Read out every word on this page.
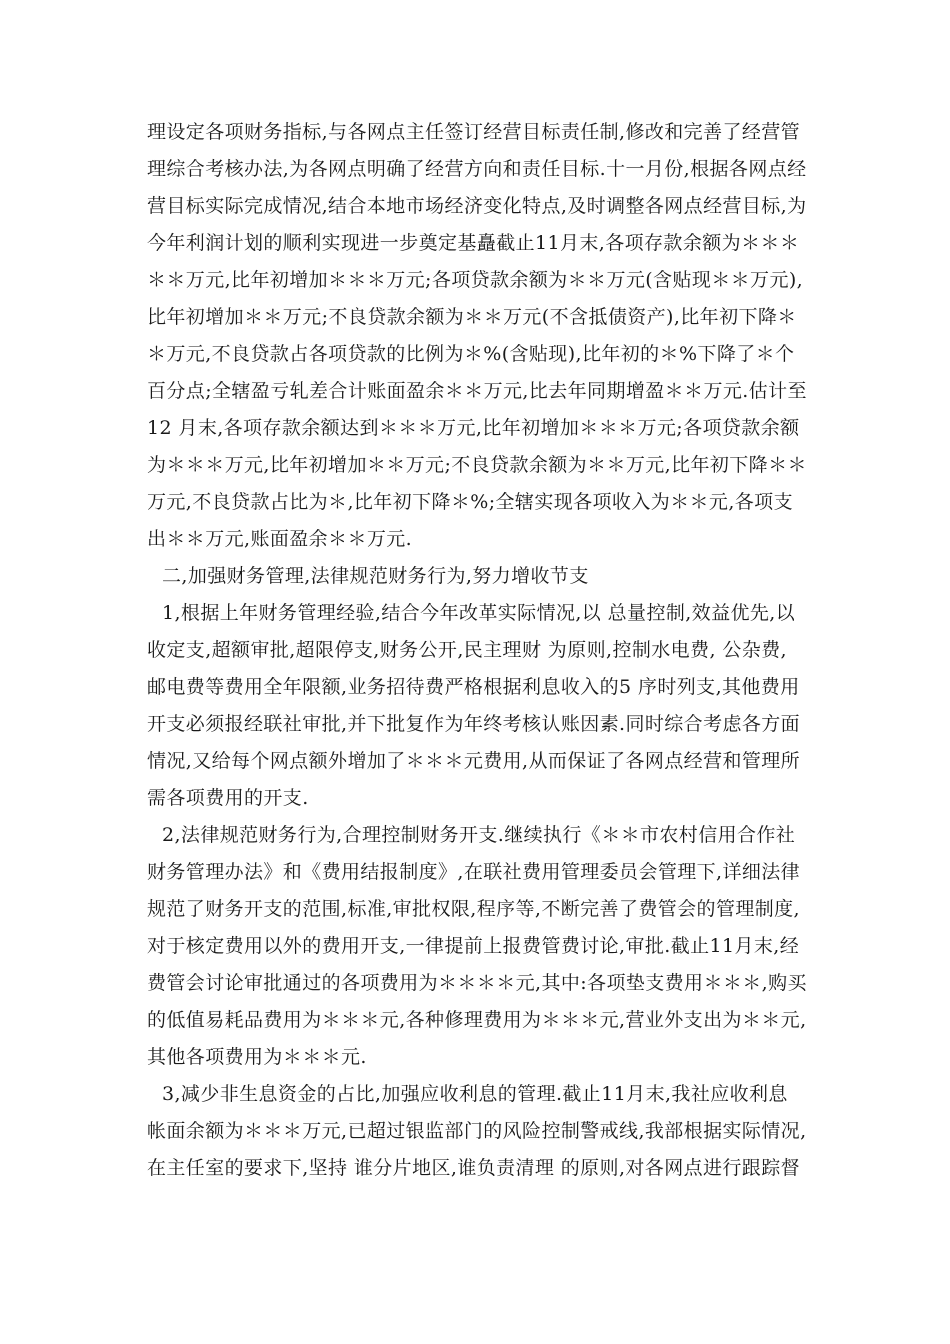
理设定各项财务指标,与各网点主任签订经营目标责任制,修改和完善了经营管
理综合考核办法,为各网点明确了经营方向和责任目标.十一月份,根据各网点经
营目标实际完成情况,结合本地市场经济变化特点,及时调整各网点经营目标,为
今年利润计划的顺利实现进一步奠定基矗截止11月末,各项存款余额为＊＊＊
＊＊万元,比年初增加＊＊＊万元;各项贷款余额为＊＊万元(含贴现＊＊万元),
比年初增加＊＊万元;不良贷款余额为＊＊万元(不含抵债资产),比年初下降＊
＊万元,不良贷款占各项贷款的比例为＊%(含贴现),比年初的＊%下降了＊个
百分点;全辖盈亏轧差合计账面盈余＊＊万元,比去年同期增盈＊＊万元.估计至
12 月末,各项存款余额达到＊＊＊万元,比年初增加＊＊＊万元;各项贷款余额
为＊＊＊万元,比年初增加＊＊万元;不良贷款余额为＊＊万元,比年初下降＊＊
万元,不良贷款占比为＊,比年初下降＊%;全辖实现各项收入为＊＊元,各项支
出＊＊万元,账面盈余＊＊万元.
二,加强财务管理,法律规范财务行为,努力增收节支
1,根据上年财务管理经验,结合今年改革实际情况,以 总量控制,效益优先,以
收定支,超额审批,超限停支,财务公开,民主理财 为原则,控制水电费, 公杂费,
邮电费等费用全年限额,业务招待费严格根据利息收入的5 序时列支,其他费用
开支必须报经联社审批,并下批复作为年终考核认账因素.同时综合考虑各方面
情况,又给每个网点额外增加了＊＊＊元费用,从而保证了各网点经营和管理所
需各项费用的开支.
2,法律规范财务行为,合理控制财务开支.继续执行《＊＊市农村信用合作社
财务管理办法》和《费用结报制度》,在联社费用管理委员会管理下,详细法律
规范了财务开支的范围,标准,审批权限,程序等,不断完善了费管会的管理制度,
对于核定费用以外的费用开支,一律提前上报费管费讨论,审批.截止11月末,经
费管会讨论审批通过的各项费用为＊＊＊＊元,其中:各项垫支费用＊＊＊,购买
的低值易耗品费用为＊＊＊元,各种修理费用为＊＊＊元,营业外支出为＊＊元,
其他各项费用为＊＊＊元.
3,减少非生息资金的占比,加强应收利息的管理.截止11月末,我社应收利息
帐面余额为＊＊＊万元,已超过银监部门的风险控制警戒线,我部根据实际情况,
在主任室的要求下,坚持 谁分片地区,谁负责清理 的原则,对各网点进行跟踪督
